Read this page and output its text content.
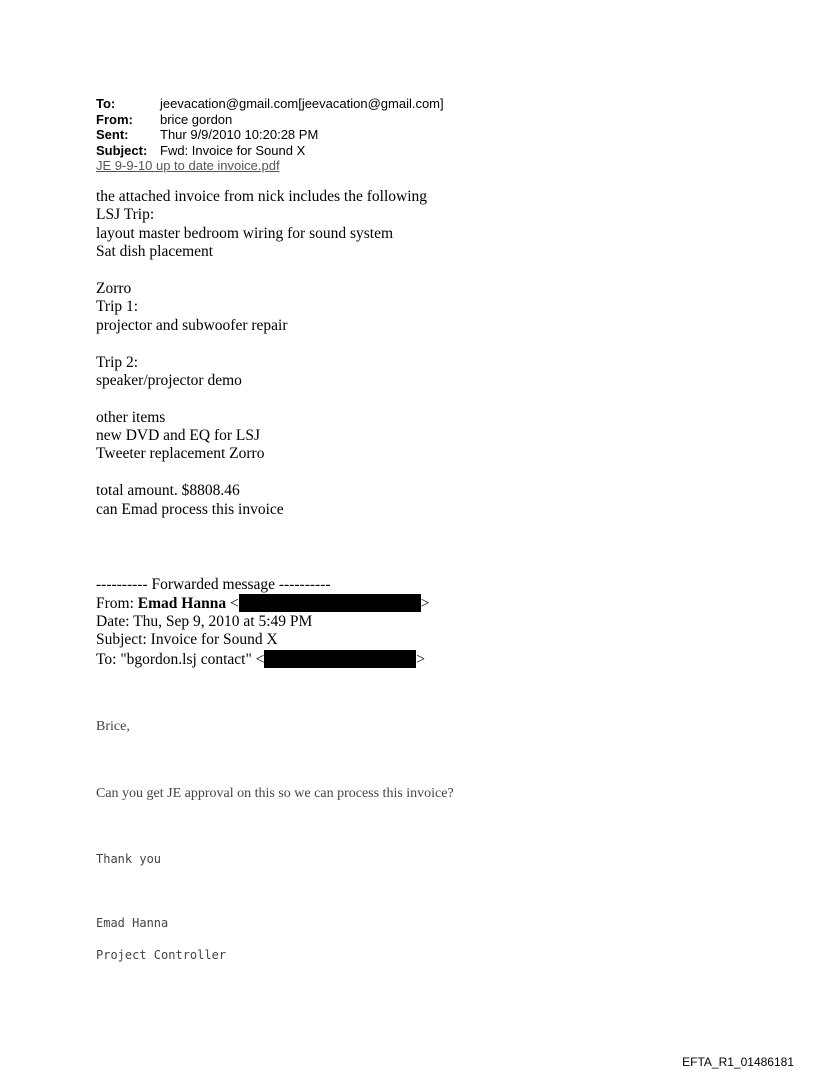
To:	jeevacation@gmail.com[jeevacation@gmail.com]
From:	brice gordon
Sent:	Thur 9/9/2010 10:20:28 PM
Subject: Fwd: Invoice for Sound X
JE 9-9-10 up to date invoice.pdf
the attached invoice from nick includes the following
LSJ Trip:
layout master bedroom wiring for sound system
Sat dish placement
Zorro
Trip 1:
projector and subwoofer repair
Trip 2:
speaker/projector demo
other items
new DVD and EQ for LSJ
Tweeter replacement Zorro
total amount. $8808.46
can Emad process this invoice
---------- Forwarded message ----------
From: Emad Hanna <	>
Date: Thu, Sep 9, 2010 at 5:49 PM
Subject: Invoice for Sound X
To: "bgordon.lsj contact" <	>
Brice,
Can you get JE approval on this so we can process this invoice?
Thank you
Emad Hanna
Project Controller
EFTA_R1_01486181
